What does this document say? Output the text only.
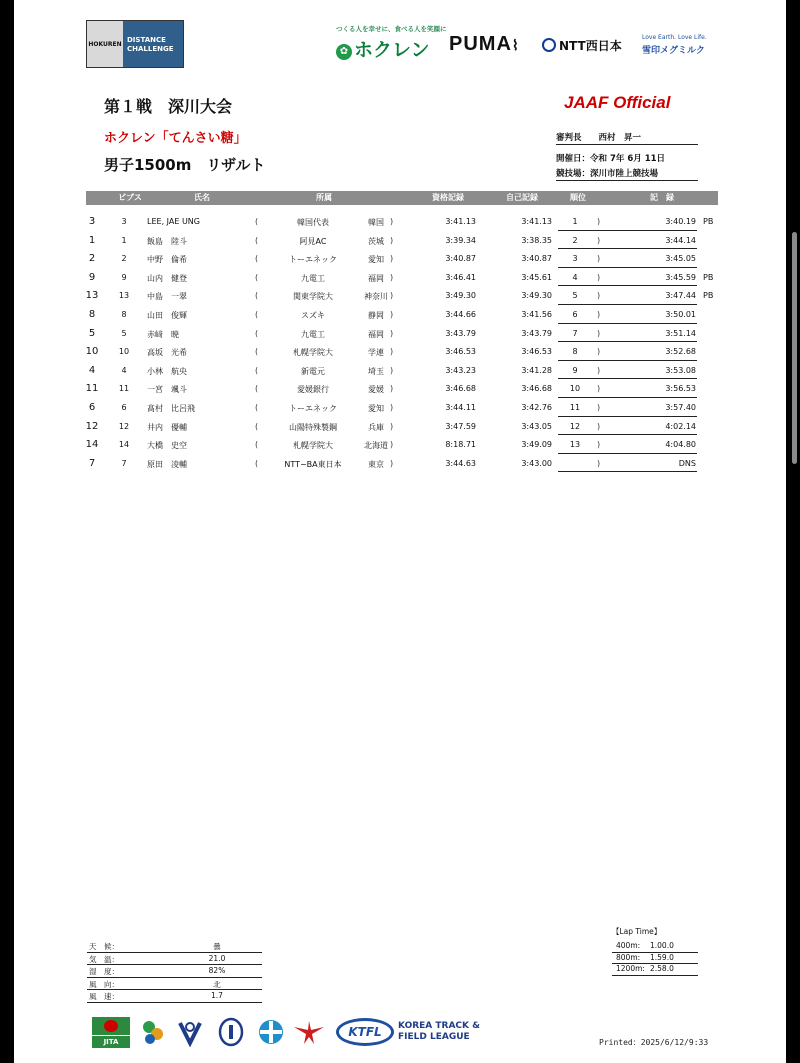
HOKUREN
DISTANCE
CHALLENGE
つくる人を幸せに、食べる人を笑顔に
✿ ホクレン PUMA⌇	NTT西日本
Love Earth. Love Life.
雪印メグミルク
第１戦　深川大会	JAAF Official
ホクレン「てんさい糖」
男子1500m　リザルト
審判長　　西村　昇一
開催日：令和 7年 6月 11日
競技場：深川市陸上競技場
ビブス	氏名	所属	資格記録	自己記録	順位	記　録
3	3	LEE, JAE UNG	韓国代表	韓国	3:41.13	3:41.13	1	3:40.19 PB
(	)	)
1	1	飯島　陸斗	阿見AC	茨城	3:39.34	3:38.35	2	3:44.14
(	)	)
2	2	中野　倫希	トーエネック	愛知	3:40.87	3:40.87	3	3:45.05
(	)	)
9	9	山内　健登	九電工	福岡	3:46.41	3:45.61	4	3:45.59 PB
(	)	)
13	13	中島　一翠	関東学院大	神奈川	3:49.30	3:49.30	5	3:47.44 PB
(	)	)
8	8	山田　俊輝	スズキ	静岡	3:44.66	3:41.56	6	3:50.01
(	)	)
5	5	赤﨑　暁	九電工	福岡	3:43.79	3:43.79	7	3:51.14
(	)	)
10	10	高坂　光希	札幌学院大	学連	3:46.53	3:46.53	8	3:52.68
(	)	)
4	4	小林　航央	新電元	埼玉	3:43.23	3:41.28	9	3:53.08
(	)	)
11	11	一宮　颯斗	愛媛銀行	愛媛	3:46.68	3:46.68	10	3:56.53
(	)	)
6	6	髙村　比呂飛	トーエネック	愛知	3:44.11	3:42.76	11	3:57.40
(	)	)
12	12	井内　優輔	山陽特殊製鋼	兵庫	3:47.59	3:43.05	12	4:02.14
(	)	)
14	14	大橋　史空	札幌学院大	北海道	8:18.71	3:49.09	13	4:04.80
(	)	)
7	7	原田　凌輔	NTT−BA東日本	東京	3:44.63	3:43.00	DNS
(	)	)
天　候：	曇
気　温：	21.0
湿　度：	82%
風　向：	北
風　速：	1.7
【Lap Time】
400m: 1.00.0
800m: 1.59.0
1200m: 2.58.0
JITA
KTFL	KOREA TRACK &
FIELD LEAGUE
Printed：2025/6/12/9:33
